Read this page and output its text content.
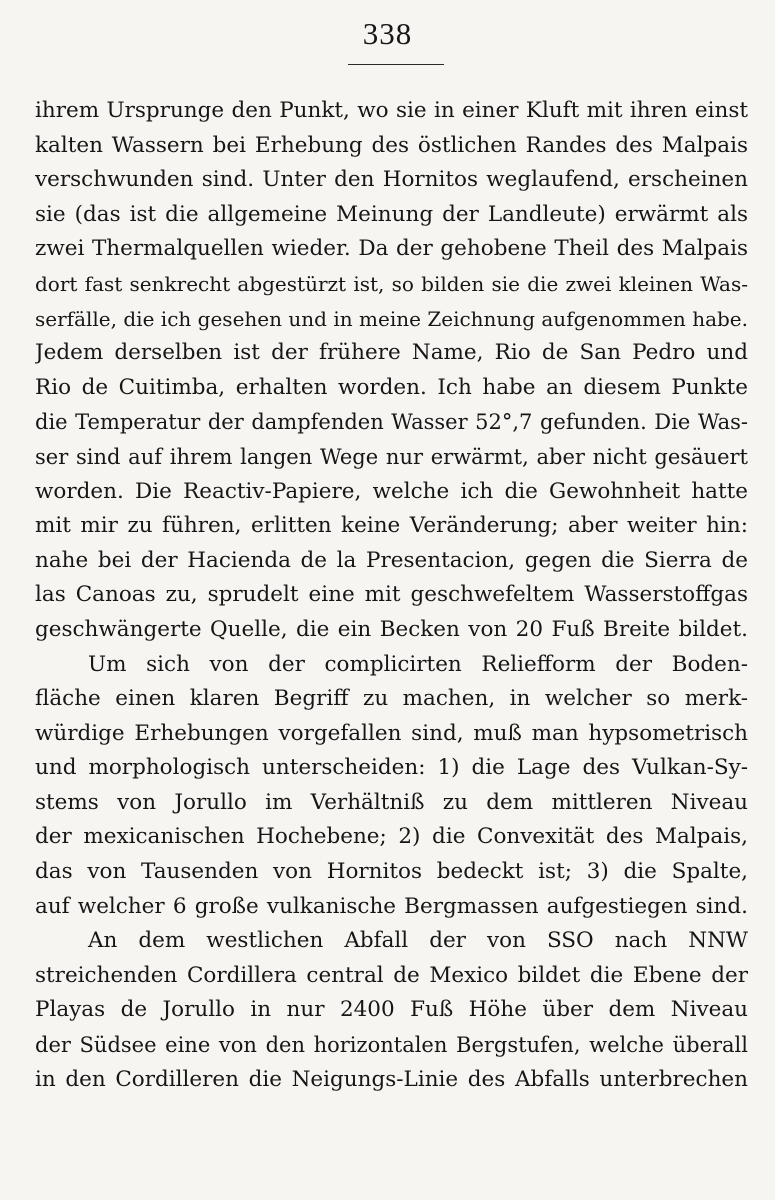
338
ihrem Ursprunge den Punkt, wo sie in einer Kluft mit ihren einst
kalten Wassern bei Erhebung des östlichen Randes des Malpais
verschwunden sind. Unter den Hornitos weglaufend, erscheinen
sie (das ist die allgemeine Meinung der Landleute) erwärmt als
zwei Thermalquellen wieder. Da der gehobene Theil des Malpais
dort fast senkrecht abgestürzt ist, so bilden sie die zwei kleinen Was-
serfälle, die ich gesehen und in meine Zeichnung aufgenommen habe.
Jedem derselben ist der frühere Name, Rio de San Pedro und
Rio de Cuitimba, erhalten worden. Ich habe an diesem Punkte
die Temperatur der dampfenden Wasser 52°,7 gefunden. Die Was-
ser sind auf ihrem langen Wege nur erwärmt, aber nicht gesäuert
worden. Die Reactiv-Papiere, welche ich die Gewohnheit hatte
mit mir zu führen, erlitten keine Veränderung; aber weiter hin:
nahe bei der Hacienda de la Presentacion, gegen die Sierra de
las Canoas zu, sprudelt eine mit geschwefeltem Wasserstoffgas
geschwängerte Quelle, die ein Becken von 20 Fuß Breite bildet.
Um sich von der complicirten Reliefform der Boden-
fläche einen klaren Begriff zu machen, in welcher so merk-
würdige Erhebungen vorgefallen sind, muß man hypsometrisch
und morphologisch unterscheiden: 1) die Lage des Vulkan-Sy-
stems von Jorullo im Verhältniß zu dem mittleren Niveau
der mexicanischen Hochebene; 2) die Convexität des Malpais,
das von Tausenden von Hornitos bedeckt ist; 3) die Spalte,
auf welcher 6 große vulkanische Bergmassen aufgestiegen sind.
An dem westlichen Abfall der von SSO nach NNW
streichenden Cordillera central de Mexico bildet die Ebene der
Playas de Jorullo in nur 2400 Fuß Höhe über dem Niveau
der Südsee eine von den horizontalen Bergstufen, welche überall
in den Cordilleren die Neigungs-Linie des Abfalls unterbrechen
